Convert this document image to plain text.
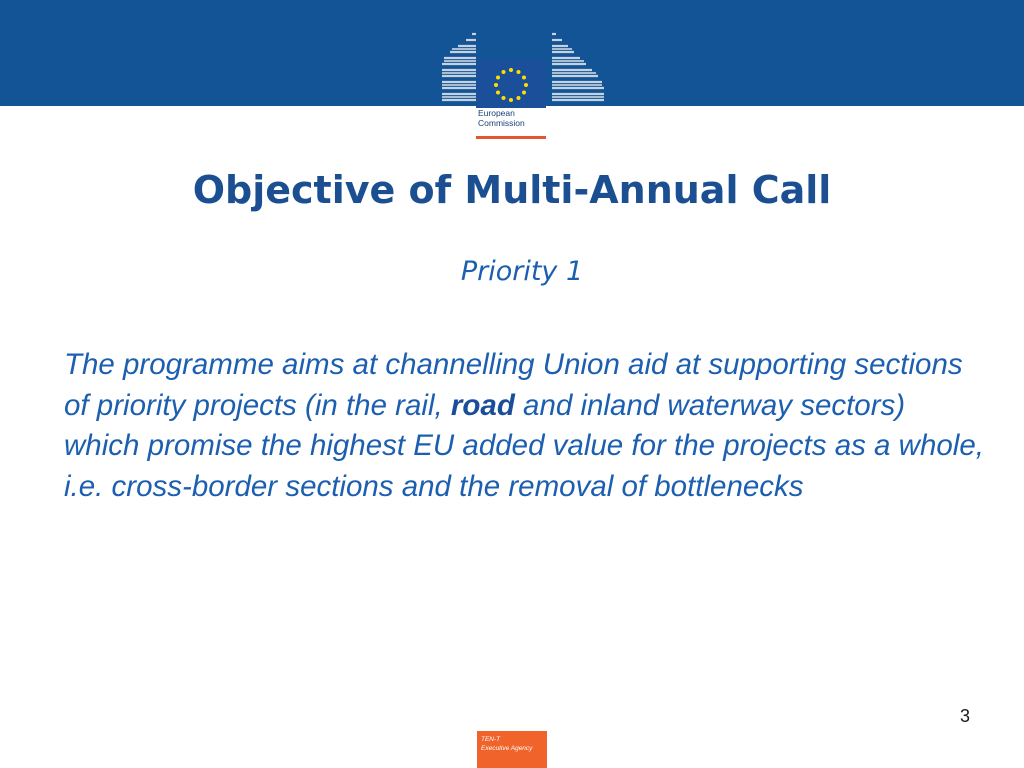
European
Commission
Objective of Multi-Annual Call

Priority 1

The programme aims at channelling Union aid at supporting sections of priority projects (in the rail, road and inland waterway sectors) which promise the highest EU added value for the projects as a whole, i.e. cross-border sections and the removal of bottlenecks

3
TEN-T
Executive Agency
